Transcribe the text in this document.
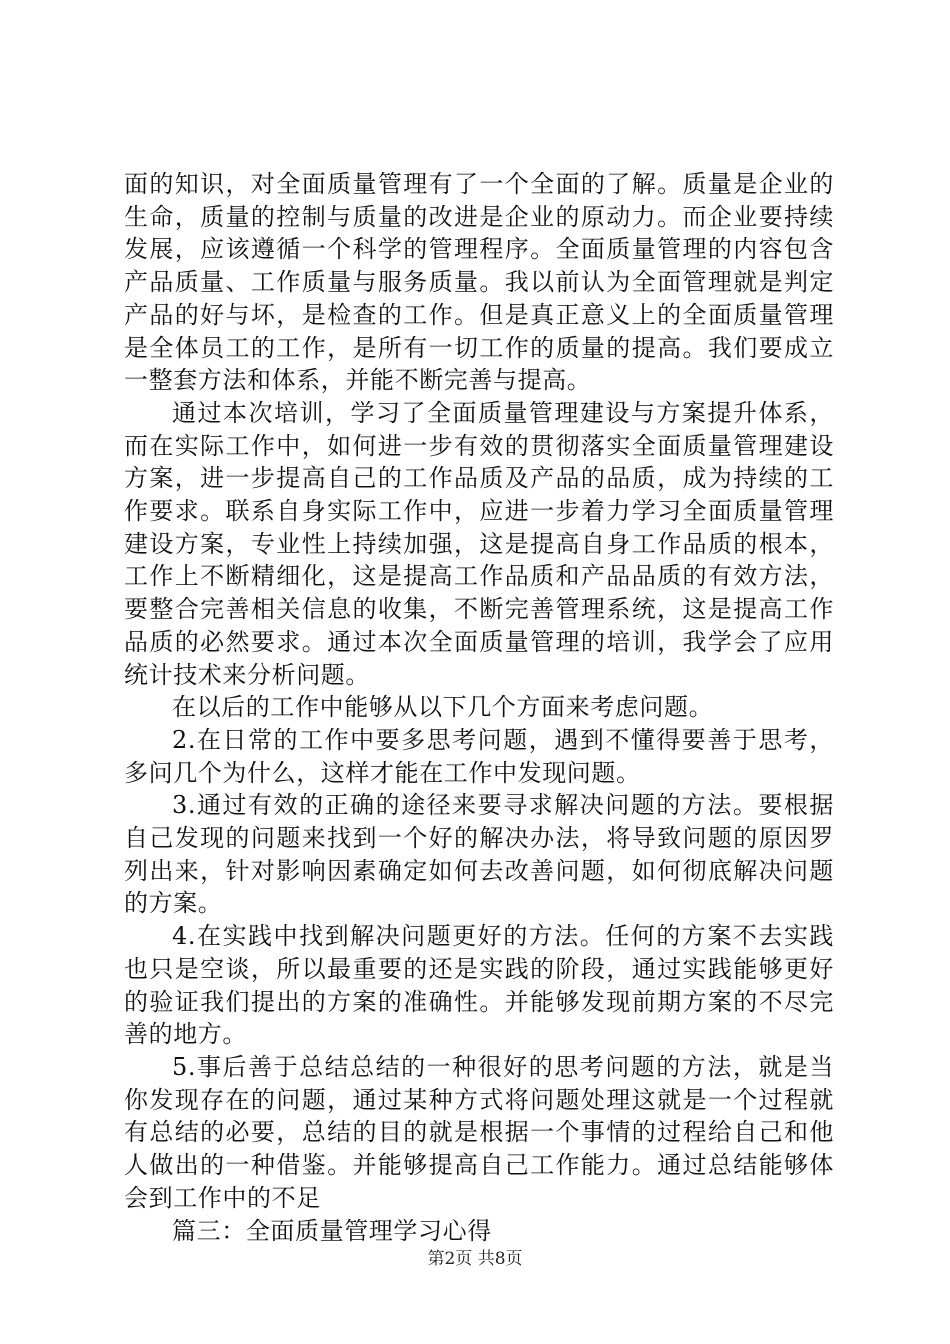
面的知识，对全面质量管理有了一个全面的了解。质量是企业的生命，质量的控制与质量的改进是企业的原动力。而企业要持续发展，应该遵循一个科学的管理程序。全面质量管理的内容包含产品质量、工作质量与服务质量。我以前认为全面管理就是判定产品的好与坏，是检查的工作。但是真正意义上的全面质量管理是全体员工的工作，是所有一切工作的质量的提高。我们要成立一整套方法和体系，并能不断完善与提高。

通过本次培训，学习了全面质量管理建设与方案提升体系，而在实际工作中，如何进一步有效的贯彻落实全面质量管理建设方案，进一步提高自己的工作品质及产品的品质，成为持续的工作要求。联系自身实际工作中，应进一步着力学习全面质量管理建设方案，专业性上持续加强，这是提高自身工作品质的根本，工作上不断精细化，这是提高工作品质和产品品质的有效方法，要整合完善相关信息的收集，不断完善管理系统，这是提高工作品质的必然要求。通过本次全面质量管理的培训，我学会了应用统计技术来分析问题。

在以后的工作中能够从以下几个方面来考虑问题。

2.在日常的工作中要多思考问题，遇到不懂得要善于思考，多问几个为什么，这样才能在工作中发现问题。

3.通过有效的正确的途径来要寻求解决问题的方法。要根据自己发现的问题来找到一个好的解决办法，将导致问题的原因罗列出来，针对影响因素确定如何去改善问题，如何彻底解决问题的方案。

4.在实践中找到解决问题更好的方法。任何的方案不去实践也只是空谈，所以最重要的还是实践的阶段，通过实践能够更好的验证我们提出的方案的准确性。并能够发现前期方案的不尽完善的地方。

5.事后善于总结总结的一种很好的思考问题的方法，就是当你发现存在的问题，通过某种方式将问题处理这就是一个过程就有总结的必要，总结的目的就是根据一个事情的过程给自己和他人做出的一种借鉴。并能够提高自己工作能力。通过总结能够体会到工作中的不足

篇三：全面质量管理学习心得

第2页 共8页
